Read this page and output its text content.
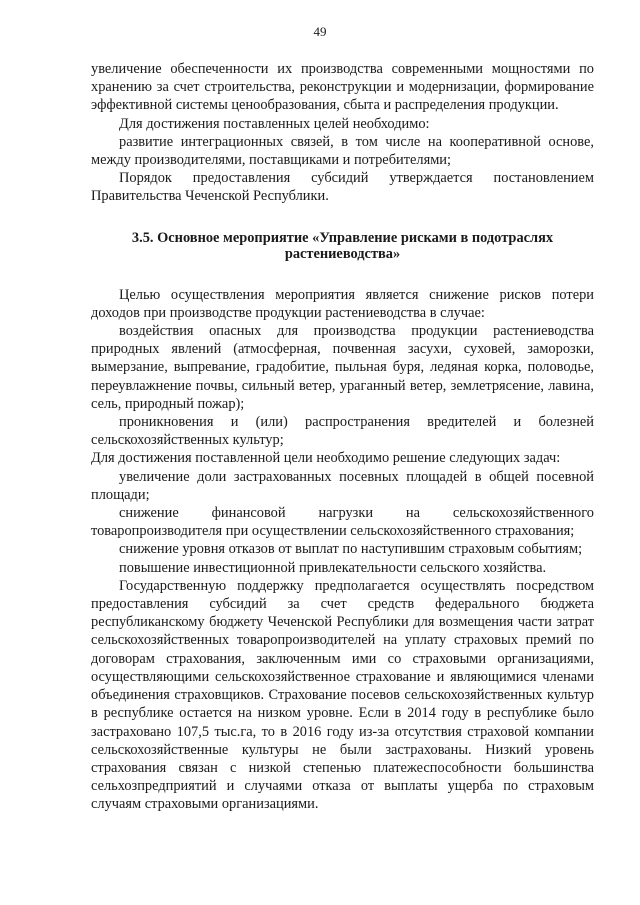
49

увеличение обеспеченности их производства современными мощностями по хранению за счет строительства, реконструкции и модернизации, формирование эффективной системы ценообразования, сбыта и распределения продукции.

Для достижения поставленных целей необходимо:

развитие интеграционных связей, в том числе на кооперативной основе, между производителями, поставщиками и потребителями;

Порядок предоставления субсидий утверждается постановлением Правительства Чеченской Республики.

3.5. Основное мероприятие «Управление рисками в подотраслях растениеводства»

Целью осуществления мероприятия является снижение рисков потери доходов при производстве продукции растениеводства в случае:

воздействия опасных для производства продукции растениеводства природных явлений (атмосферная, почвенная засухи, суховей, заморозки, вымерзание, выпревание, градобитие, пыльная буря, ледяная корка, половодье, переувлажнение почвы, сильный ветер, ураганный ветер, землетрясение, лавина, сель, природный пожар);

проникновения и (или) распространения вредителей и болезней сельскохозяйственных культур;

Для достижения поставленной цели необходимо решение следующих задач:

увеличение доли застрахованных посевных площадей в общей посевной площади;

снижение финансовой нагрузки на сельскохозяйственного товаропроизводителя при осуществлении сельскохозяйственного страхования;

снижение уровня отказов от выплат по наступившим страховым событиям;

повышение инвестиционной привлекательности сельского хозяйства.

Государственную поддержку предполагается осуществлять посредством предоставления субсидий за счет средств федерального бюджета республиканскому бюджету Чеченской Республики для возмещения части затрат сельскохозяйственных товаропроизводителей на уплату страховых премий по договорам страхования, заключенным ими со страховыми организациями, осуществляющими сельскохозяйственное страхование и являющимися членами объединения страховщиков. Страхование посевов сельскохозяйственных культур в республике остается на низком уровне. Если в 2014 году в республике было застраховано 107,5 тыс.га, то в 2016 году из-за отсутствия страховой компании сельскохозяйственные культуры не были застрахованы. Низкий уровень страхования связан с низкой степенью платежеспособности большинства сельхозпредприятий и случаями отказа от выплаты ущерба по страховым случаям страховыми организациями.
